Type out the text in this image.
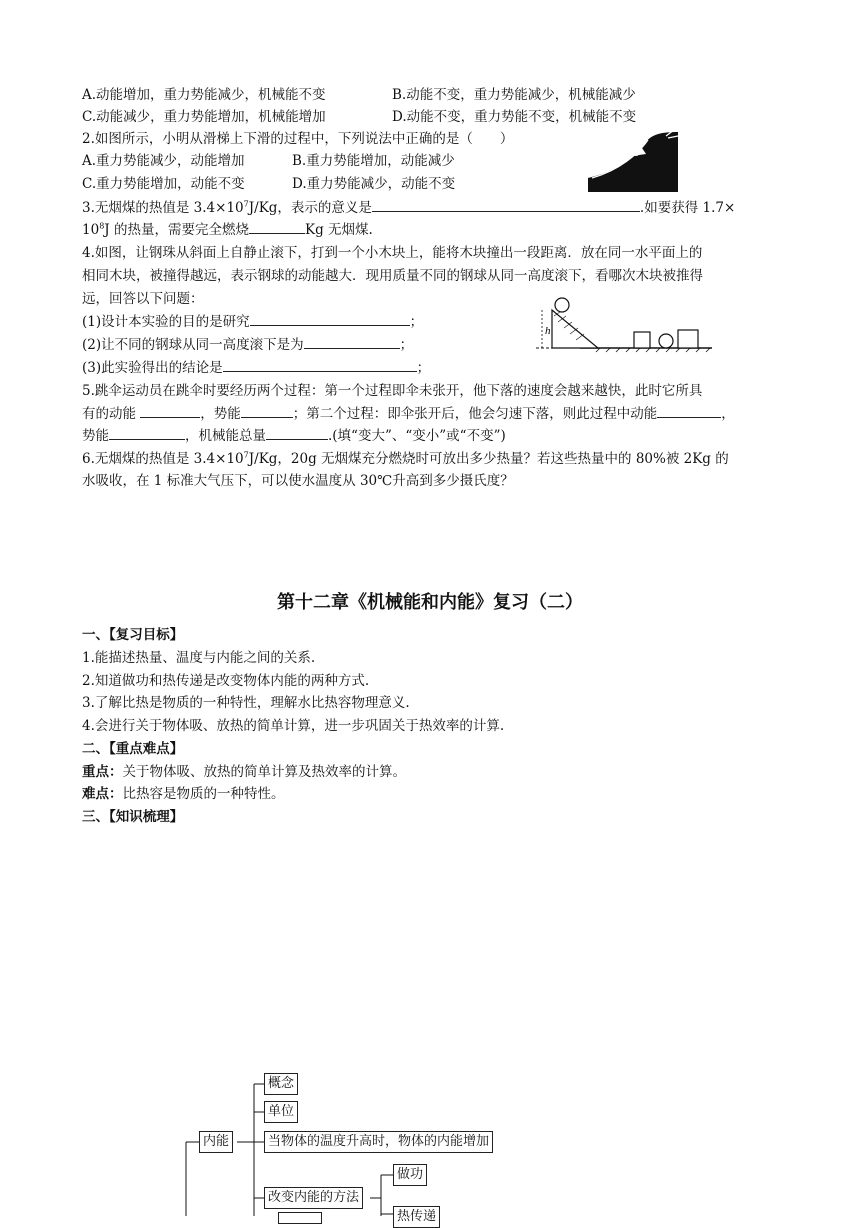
A.动能增加，重力势能减少，机械能不变	B.动能不变，重力势能减少，机械能减少
C.动能减少，重力势能增加，机械能增加	D.动能不变，重力势能不变，机械能不变
2.如图所示，小明从滑梯上下滑的过程中，下列说法中正确的是（　　）
A.重力势能减少，动能增加	B.重力势能增加，动能减少
C.重力势能增加，动能不变	D.重力势能减少，动能不变
3.无烟煤的热值是 $3.4\times 10^7J/Kg$，表示的意义是	.如要获得 1.7×
$10^8J$ 的热量，需要完全燃烧	Kg 无烟煤.
4.如图，让钢珠从斜面上自静止滚下，打到一个小木块上，能将木块撞出一段距离．放在同一水平面上的
相同木块，被撞得越远，表示钢球的动能越大．现用质量不同的钢球从同一高度滚下，看哪次木块被推得
远，回答以下问题：
(1)设计本实验的目的是研究	；
(2)让不同的钢球从同一高度滚下是为	；
(3)此实验得出的结论是	；
h
5.跳伞运动员在跳伞时要经历两个过程：第一个过程即伞未张开，他下落的速度会越来越快，此时它所具
有的动能	，势能	；第二个过程：即伞张开后，他会匀速下落，则此过程中动能	，
势能	，机械能总量	.(填“变大”、“变小”或“不变”)
6.无烟煤的热值是 $3.4\times 10^7J/Kg$，20g 无烟煤充分燃烧时可放出多少热量？若这些热量中的 80%被 2Kg 的
水吸收，在 1 标准大气压下，可以使水温度从 30℃升高到多少摄氏度？
第十二章《机械能和内能》复习（二）
一、【复习目标】
1.能描述热量、温度与内能之间的关系.
2.知道做功和热传递是改变物体内能的两种方式.
3.了解比热是物质的一种特性，理解水比热容物理意义.
4.会进行关于物体吸、放热的简单计算，进一步巩固关于热效率的计算.
二、【重点难点】
重点：关于物体吸、放热的简单计算及热效率的计算。
难点：比热容是物质的一种特性。
三、【知识梳理】
内能
概念
单位
当物体的温度升高时，物体的内能增加
改变内能的方法
做功
热传递
